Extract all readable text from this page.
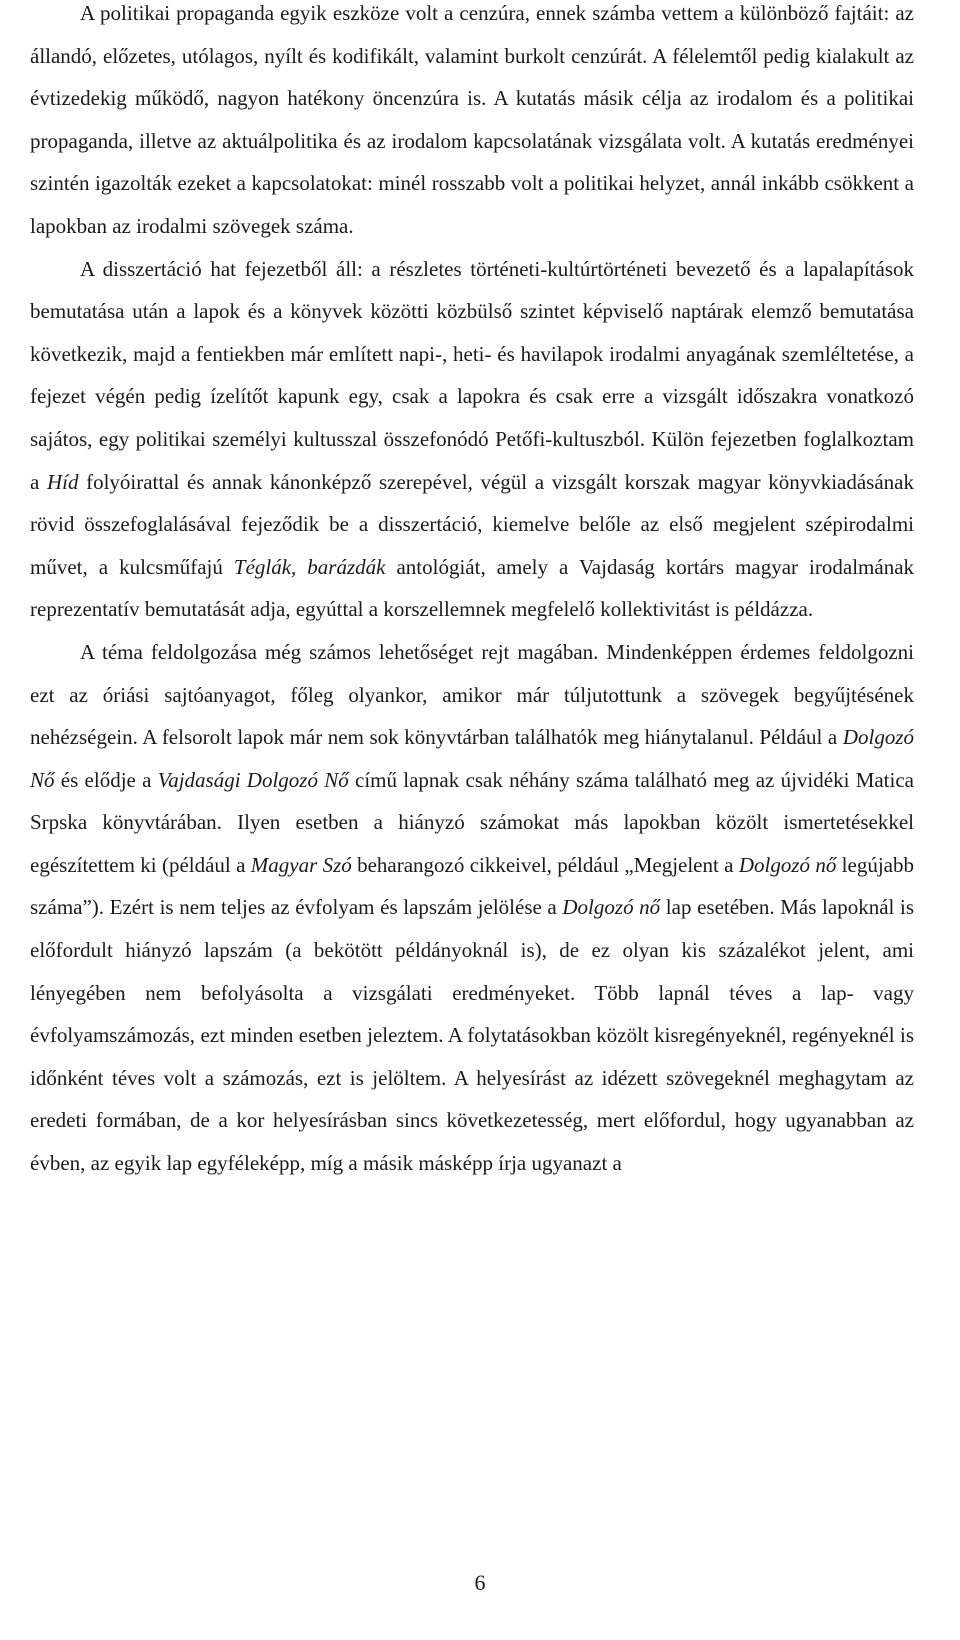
A politikai propaganda egyik eszköze volt a cenzúra, ennek számba vettem a különböző fajtáit: az állandó, előzetes, utólagos, nyílt és kodifikált, valamint burkolt cenzúrát. A félelemtől pedig kialakult az évtizedekig működő, nagyon hatékony öncenzúra is. A kutatás másik célja az irodalom és a politikai propaganda, illetve az aktuálpolitika és az irodalom kapcsolatának vizsgálata volt. A kutatás eredményei szintén igazolták ezeket a kapcsolatokat: minél rosszabb volt a politikai helyzet, annál inkább csökkent a lapokban az irodalmi szövegek száma.

A disszertáció hat fejezetből áll: a részletes történeti-kultúrtörténeti bevezető és a lapalapítások bemutatása után a lapok és a könyvek közötti közbülső szintet képviselő naptárak elemző bemutatása következik, majd a fentiekben már említett napi-, heti- és havilapok irodalmi anyagának szemléltetése, a fejezet végén pedig ízelítőt kapunk egy, csak a lapokra és csak erre a vizsgált időszakra vonatkozó sajátos, egy politikai személyi kultusszal összefonódó Petőfi-kultuszból. Külön fejezetben foglalkoztam a Híd folyóirattal és annak kánonképző szerepével, végül a vizsgált korszak magyar könyvkiadásának rövid összefoglalásával fejeződik be a disszertáció, kiemelve belőle az első megjelent szépirodalmi művet, a kulcsműfajú Téglák, barázdák antológiát, amely a Vajdaság kortárs magyar irodalmának reprezentatív bemutatását adja, egyúttal a korszellemnek megfelelő kollektivitást is példázza.

A téma feldolgozása még számos lehetőséget rejt magában. Mindenképpen érdemes feldolgozni ezt az óriási sajtóanyagot, főleg olyankor, amikor már túljutottunk a szövegek begyűjtésének nehézségein. A felsorolt lapok már nem sok könyvtárban találhatók meg hiánytalanul. Például a Dolgozó Nő és elődje a Vajdasági Dolgozó Nő című lapnak csak néhány száma található meg az újvidéki Matica Srpska könyvtárában. Ilyen esetben a hiányzó számokat más lapokban közölt ismertetésekkel egészítettem ki (például a Magyar Szó beharangozó cikkeivel, például „Megjelent a Dolgozó nő legújabb száma”). Ezért is nem teljes az évfolyam és lapszám jelölése a Dolgozó nő lap esetében. Más lapoknál is előfordult hiányzó lapszám (a bekötött példányoknál is), de ez olyan kis százalékot jelent, ami lényegében nem befolyásolta a vizsgálati eredményeket. Több lapnál téves a lap- vagy évfolyamszámozás, ezt minden esetben jeleztem. A folytatásokban közölt kisregényeknél, regényeknél is időnként téves volt a számozás, ezt is jelöltem. A helyesírást az idézett szövegeknél meghagytam az eredeti formában, de a kor helyesírásban sincs következetesség, mert előfordul, hogy ugyanabban az évben, az egyik lap egyféleképp, míg a másik másképp írja ugyanazt a

6
